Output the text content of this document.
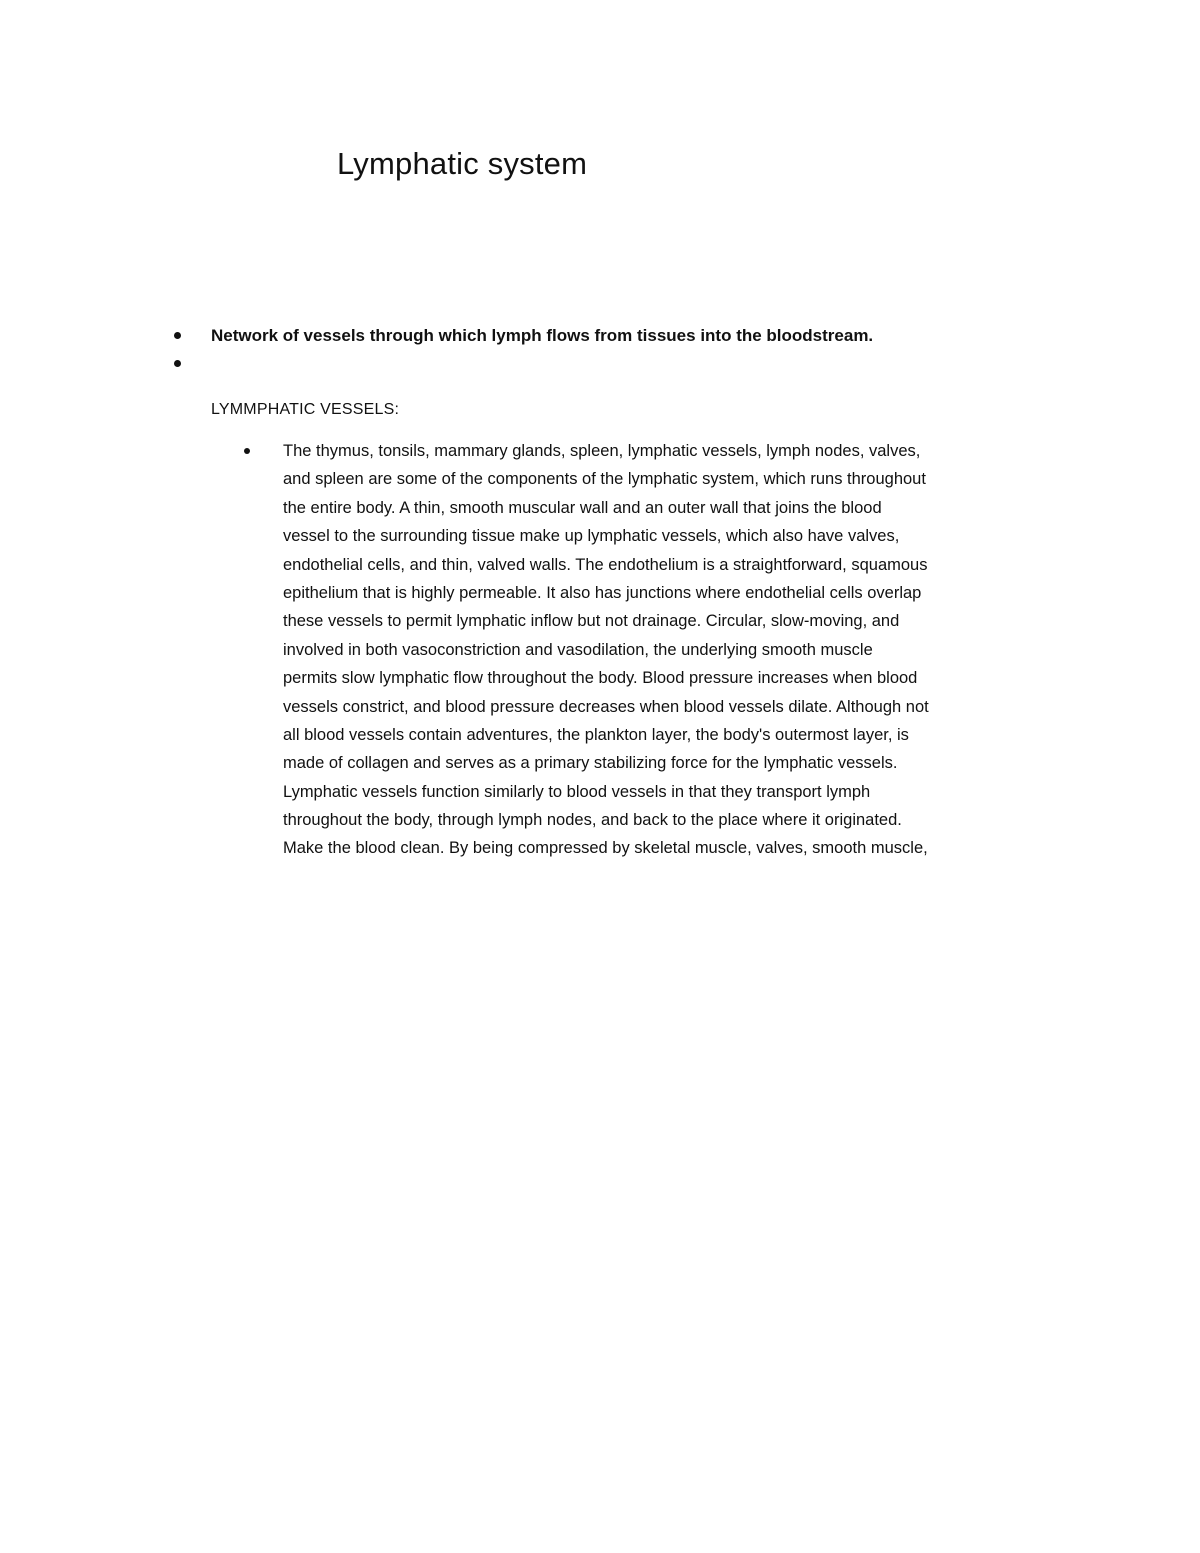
Lymphatic system
Network of vessels through which lymph flows from tissues into the bloodstream.

LYMMPHATIC VESSELS:

The thymus, tonsils, mammary glands, spleen, lymphatic vessels, lymph nodes, valves,
and spleen are some of the components of the lymphatic system, which runs throughout
the entire body. A thin, smooth muscular wall and an outer wall that joins the blood
vessel to the surrounding tissue make up lymphatic vessels, which also have valves,
endothelial cells, and thin, valved walls. The endothelium is a straightforward, squamous
epithelium that is highly permeable. It also has junctions where endothelial cells overlap
these vessels to permit lymphatic inflow but not drainage. Circular, slow-moving, and
involved in both vasoconstriction and vasodilation, the underlying smooth muscle
permits slow lymphatic flow throughout the body. Blood pressure increases when blood
vessels constrict, and blood pressure decreases when blood vessels dilate. Although not
all blood vessels contain adventures, the plankton layer, the body's outermost layer, is
made of collagen and serves as a primary stabilizing force for the lymphatic vessels.
Lymphatic vessels function similarly to blood vessels in that they transport lymph
throughout the body, through lymph nodes, and back to the place where it originated.
Make the blood clean. By being compressed by skeletal muscle, valves, smooth muscle,
